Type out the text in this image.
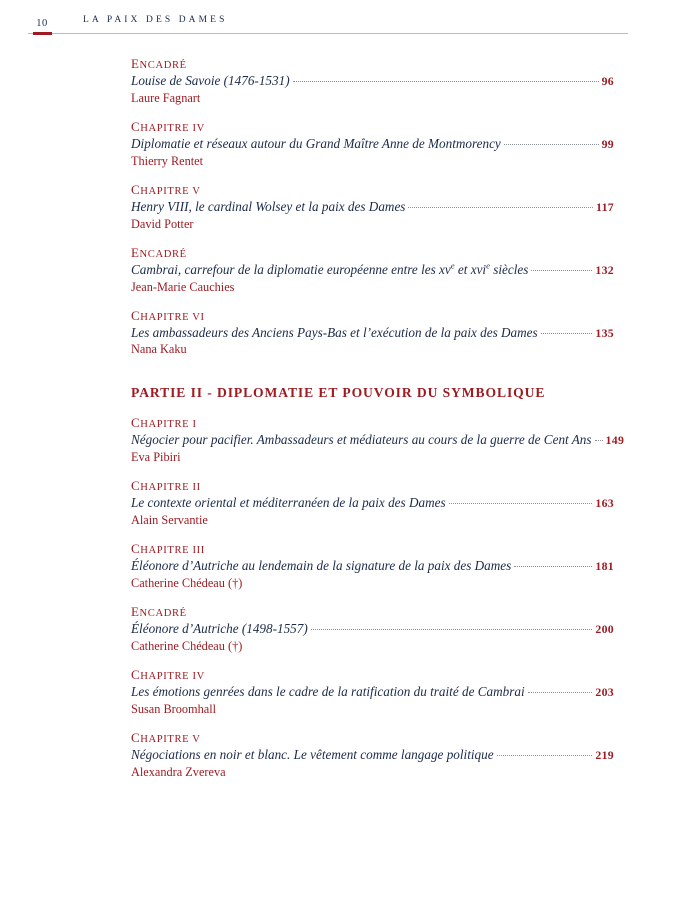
10	LA PAIX DES DAMES
ENCADRÉ
Louise de Savoie (1476-1531)	96
Laure Fagnart
CHAPITRE IV
Diplomatie et réseaux autour du Grand Maître Anne de Montmorency	99
Thierry Rentet
CHAPITRE V
Henry VIII, le cardinal Wolsey et la paix des Dames	117
David Potter
ENCADRÉ
Cambrai, carrefour de la diplomatie européenne entre les $xv^e$ et xvi$^e$ siècles	132
Jean-Marie Cauchies
CHAPITRE VI
Les ambassadeurs des Anciens Pays-Bas et l’exécution de la paix des Dames	135
Nana Kaku
PARTIE II - DIPLOMATIE ET POUVOIR DU SYMBOLIQUE
CHAPITRE I
Négocier pour pacifier. Ambassadeurs et médiateurs au cours de la guerre de Cent Ans 149
Eva Pibiri
CHAPITRE II
Le contexte oriental et méditerranéen de la paix des Dames	163
Alain Servantie
CHAPITRE III
Éléonore d’Autriche au lendemain de la signature de la paix des Dames	181
Catherine Chédeau (†)
ENCADRÉ
Éléonore d’Autriche (1498-1557)	200
Catherine Chédeau (†)
CHAPITRE IV
Les émotions genrées dans le cadre de la ratification du traité de Cambrai	203
Susan Broomhall
CHAPITRE V
Négociations en noir et blanc. Le vêtement comme langage politique	219
Alexandra Zvereva
